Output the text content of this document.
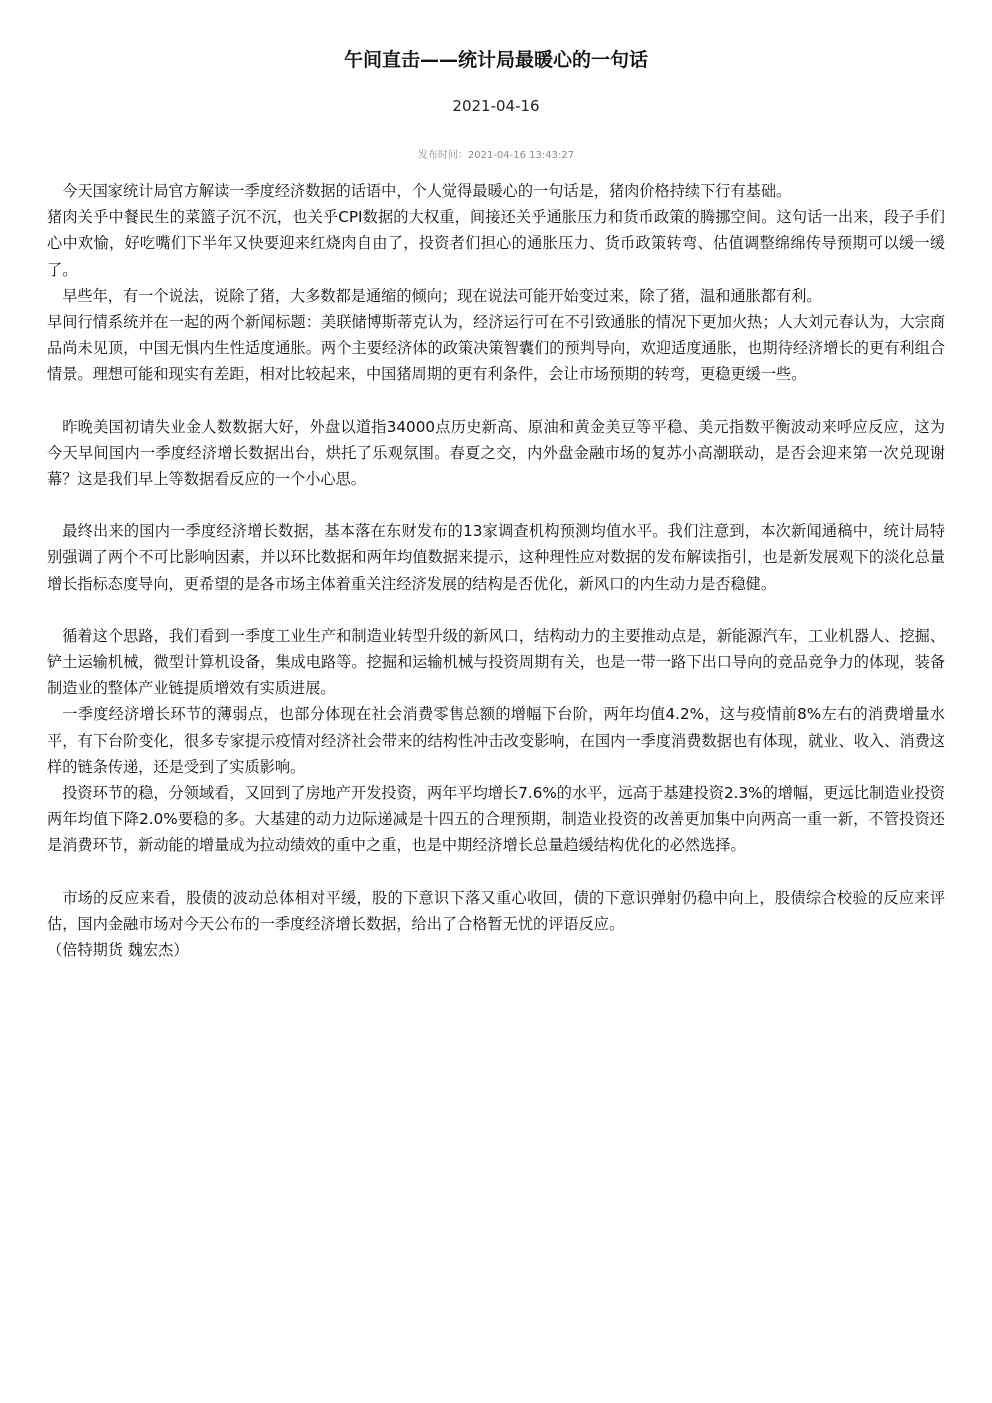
午间直击——统计局最暖心的一句话
2021-04-16
发布时间：2021-04-16 13:43:27

今天国家统计局官方解读一季度经济数据的话语中，个人觉得最暖心的一句话是，猪肉价格持续下行有基础。

猪肉关乎中餐民生的菜篮子沉不沉，也关乎CPI数据的大权重，间接还关乎通胀压力和货币政策的腾挪空间。这句话一出来，段子手们心中欢愉，好吃嘴们下半年又快要迎来红烧肉自由了，投资者们担心的通胀压力、货币政策转弯、估值调整绵绵传导预期可以缓一缓了。

早些年，有一个说法，说除了猪，大多数都是通缩的倾向；现在说法可能开始变过来，除了猪，温和通胀都有利。

早间行情系统并在一起的两个新闻标题：美联储博斯蒂克认为，经济运行可在不引致通胀的情况下更加火热；人大刘元春认为，大宗商品尚未见顶，中国无惧内生性适度通胀。两个主要经济体的政策决策智囊们的预判导向，欢迎适度通胀，也期待经济增长的更有利组合情景。理想可能和现实有差距，相对比较起来，中国猪周期的更有利条件，会让市场预期的转弯，更稳更缓一些。

昨晚美国初请失业金人数数据大好，外盘以道指34000点历史新高、原油和黄金美豆等平稳、美元指数平衡波动来呼应反应，这为今天早间国内一季度经济增长数据出台，烘托了乐观氛围。春夏之交，内外盘金融市场的复苏小高潮联动，是否会迎来第一次兑现谢幕？这是我们早上等数据看反应的一个小心思。

最终出来的国内一季度经济增长数据，基本落在东财发布的13家调查机构预测均值水平。我们注意到，本次新闻通稿中，统计局特别强调了两个不可比影响因素，并以环比数据和两年均值数据来提示，这种理性应对数据的发布解读指引，也是新发展观下的淡化总量增长指标态度导向，更希望的是各市场主体着重关注经济发展的结构是否优化，新风口的内生动力是否稳健。

循着这个思路，我们看到一季度工业生产和制造业转型升级的新风口，结构动力的主要推动点是，新能源汽车，工业机器人、挖掘、铲土运输机械，微型计算机设备，集成电路等。挖掘和运输机械与投资周期有关，也是一带一路下出口导向的竞品竞争力的体现，装备制造业的整体产业链提质增效有实质进展。

一季度经济增长环节的薄弱点，也部分体现在社会消费零售总额的增幅下台阶，两年均值4.2%，这与疫情前8%左右的消费增量水平，有下台阶变化，很多专家提示疫情对经济社会带来的结构性冲击改变影响，在国内一季度消费数据也有体现，就业、收入、消费这样的链条传递，还是受到了实质影响。

投资环节的稳，分领域看，又回到了房地产开发投资，两年平均增长7.6%的水平，远高于基建投资2.3%的增幅，更远比制造业投资两年均值下降2.0%要稳的多。大基建的动力边际递减是十四五的合理预期，制造业投资的改善更加集中向两高一重一新，不管投资还是消费环节，新动能的增量成为拉动绩效的重中之重，也是中期经济增长总量趋缓结构优化的必然选择。

市场的反应来看，股债的波动总体相对平缓，股的下意识下落又重心收回，债的下意识弹射仍稳中向上，股债综合校验的反应来评估，国内金融市场对今天公布的一季度经济增长数据，给出了合格暂无忧的评语反应。

（倍特期货 魏宏杰）
